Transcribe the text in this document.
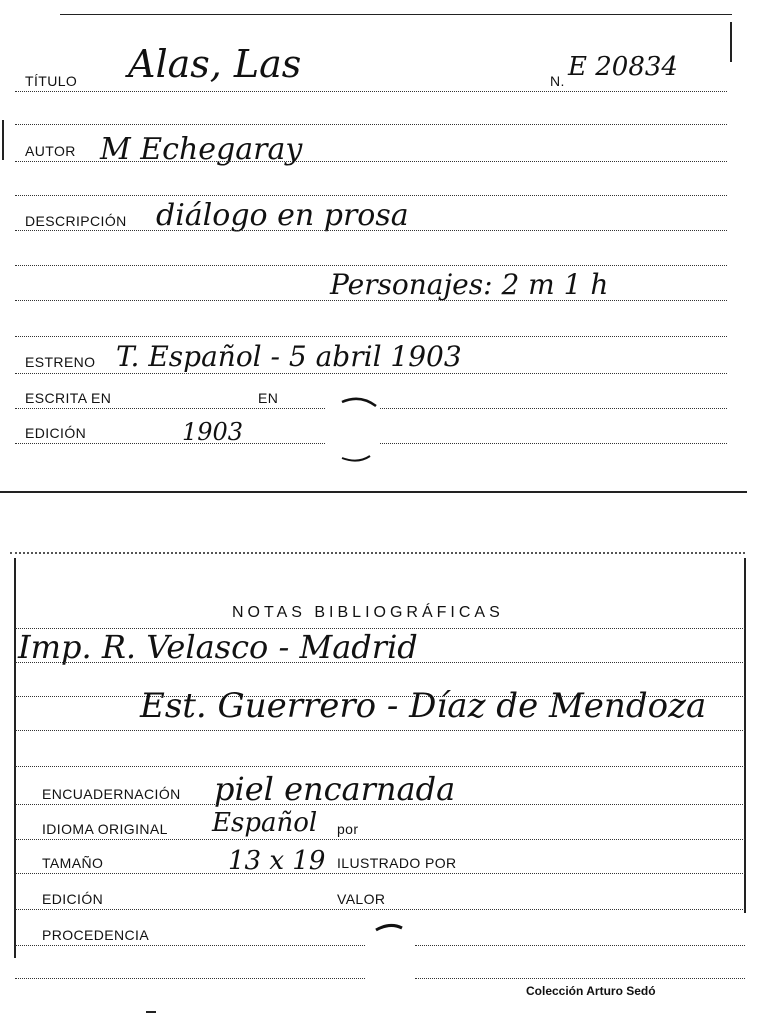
TÍTULO Alas, Las	N. E 20834
AUTOR M Echegaray
DESCRIPCIÓN diálogo en prosa
Personajes: 2 m 1 h
ESTRENO T. Español - 5 abril 1903
ESCRITA EN	EN
EDICIÓN	1903
NOTAS BIBLIOGRÁFICAS
Imp. R. Velasco - Madrid
Est. Guerrero - Díaz de Mendoza
ENCUADERNACIÓN piel encarnada
IDIOMA ORIGINAL Español por
TAMAÑO	13 x 19 ILUSTRADO POR
EDICIÓN	VALOR
PROCEDENCIA
Colección Arturo Sedó
